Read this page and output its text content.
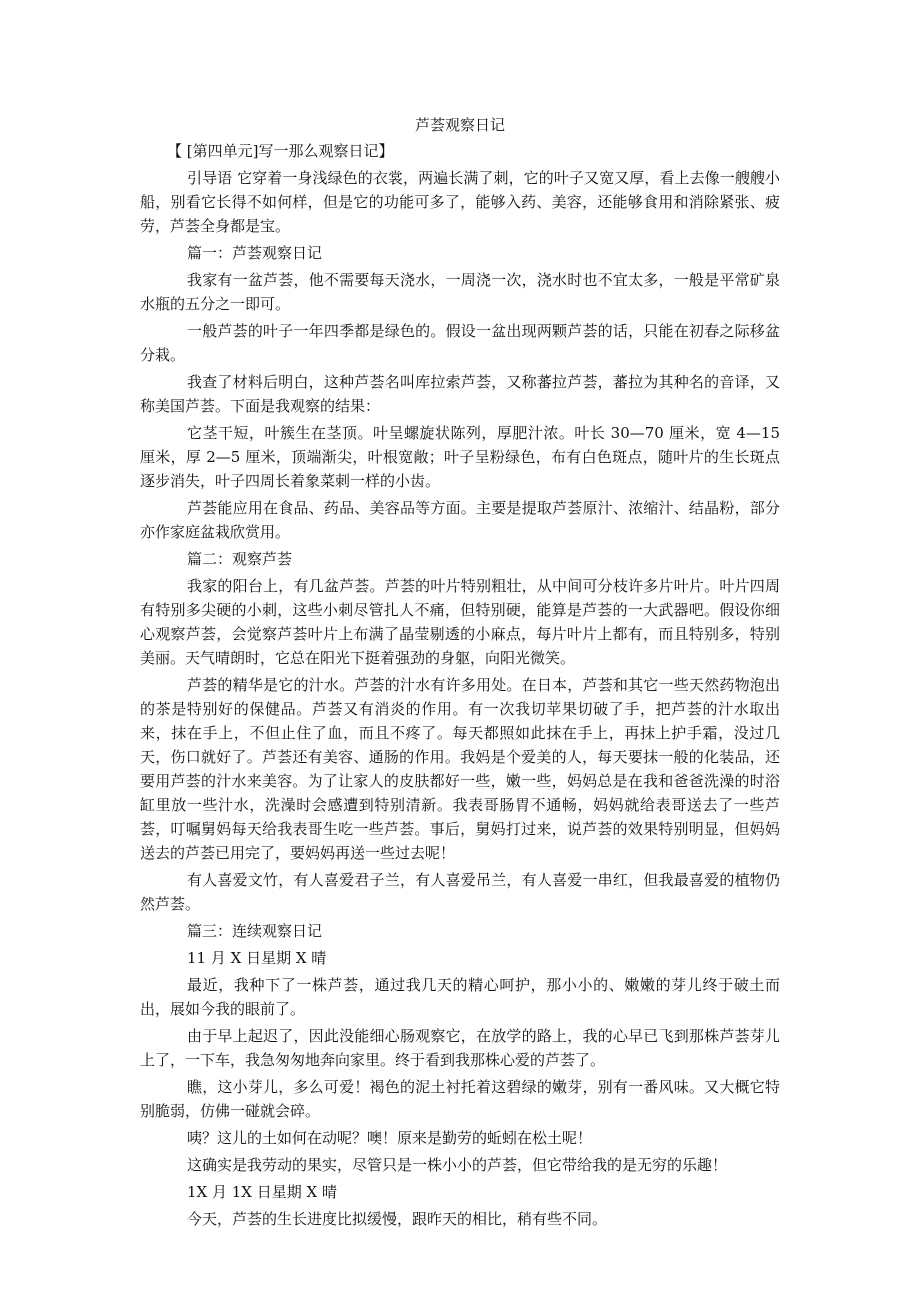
芦荟观察日记
【 [第四单元]写一那么观察日记】
引导语 它穿着一身浅绿色的衣裳，两遍长满了刺，它的叶子又宽又厚，看上去像一艘艘小船，别看它长得不如何样，但是它的功能可多了，能够入药、美容，还能够食用和消除紧张、疲劳，芦荟全身都是宝。
篇一：芦荟观察日记
我家有一盆芦荟，他不需要每天浇水，一周浇一次，浇水时也不宜太多，一般是平常矿泉水瓶的五分之一即可。
一般芦荟的叶子一年四季都是绿色的。假设一盆出现两颗芦荟的话，只能在初春之际移盆分栽。
我查了材料后明白，这种芦荟名叫库拉索芦荟，又称蕃拉芦荟，蕃拉为其种名的音译，又称美国芦荟。下面是我观察的结果：
它茎干短，叶簇生在茎顶。叶呈螺旋状陈列，厚肥汁浓。叶长 30—70 厘米，宽 4—15 厘米，厚 2—5 厘米，顶端渐尖，叶根宽敞；叶子呈粉绿色，布有白色斑点，随叶片的生长斑点逐步消失，叶子四周长着象菜刺一样的小齿。
芦荟能应用在食品、药品、美容品等方面。主要是提取芦荟原汁、浓缩汁、结晶粉，部分亦作家庭盆栽欣赏用。
篇二：观察芦荟
我家的阳台上，有几盆芦荟。芦荟的叶片特别粗壮，从中间可分枝许多片叶片。叶片四周有特别多尖硬的小刺，这些小刺尽管扎人不痛，但特别硬，能算是芦荟的一大武器吧。假设你细心观察芦荟，会觉察芦荟叶片上布满了晶莹剔透的小麻点，每片叶片上都有，而且特别多，特别美丽。天气晴朗时，它总在阳光下挺着强劲的身躯，向阳光微笑。
芦荟的精华是它的汁水。芦荟的汁水有许多用处。在日本，芦荟和其它一些天然药物泡出的茶是特别好的保健品。芦荟又有消炎的作用。有一次我切苹果切破了手，把芦荟的汁水取出来，抹在手上，不但止住了血，而且不疼了。每天都照如此抹在手上，再抹上护手霜，没过几天，伤口就好了。芦荟还有美容、通肠的作用。我妈是个爱美的人，每天要抹一般的化装品，还要用芦荟的汁水来美容。为了让家人的皮肤都好一些，嫩一些，妈妈总是在我和爸爸洗澡的时浴缸里放一些汁水，洗澡时会感遭到特别清新。我表哥肠胃不通畅，妈妈就给表哥送去了一些芦荟，叮嘱舅妈每天给我表哥生吃一些芦荟。事后，舅妈打过来，说芦荟的效果特别明显，但妈妈送去的芦荟已用完了，要妈妈再送一些过去呢！
有人喜爱文竹，有人喜爱君子兰，有人喜爱吊兰，有人喜爱一串红，但我最喜爱的植物仍然芦荟。
篇三：连续观察日记
11 月 X 日星期 X 晴
最近，我种下了一株芦荟，通过我几天的精心呵护，那小小的、嫩嫩的芽儿终于破土而出，展如今我的眼前了。
由于早上起迟了，因此没能细心肠观察它，在放学的路上，我的心早已飞到那株芦荟芽儿上了，一下车，我急匆匆地奔向家里。终于看到我那株心爱的芦荟了。
瞧，这小芽儿，多么可爱！褐色的泥土衬托着这碧绿的嫩芽，别有一番风味。又大概它特别脆弱，仿佛一碰就会碎。
咦？这儿的土如何在动呢？噢！原来是勤劳的蚯蚓在松土呢！
这确实是我劳动的果实，尽管只是一株小小的芦荟，但它带给我的是无穷的乐趣！
1X 月 1X 日星期 X 晴
今天，芦荟的生长进度比拟缓慢，跟昨天的相比，稍有些不同。
